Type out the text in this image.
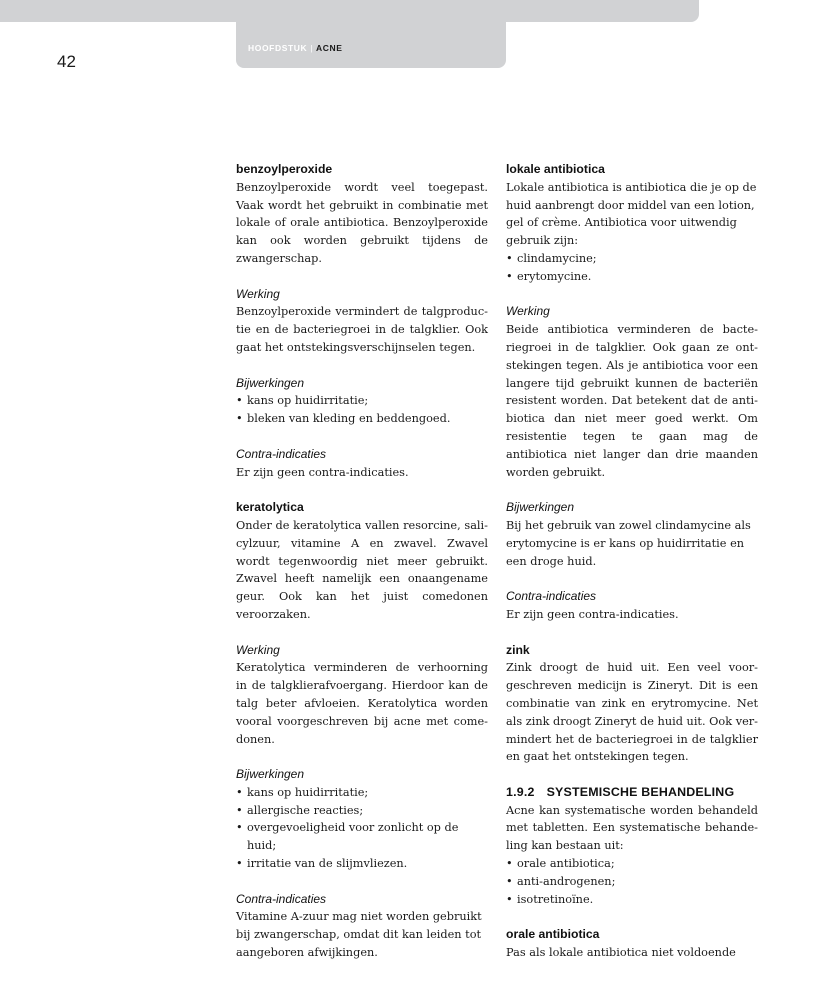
HOOFDSTUK | ACNE
42
benzoylperoxide

Benzoylperoxide wordt veel toegepast. Vaak wordt het gebruikt in combinatie met lokale of orale antibiotica. Benzoylperoxide kan ook worden gebruikt tijdens de zwangerschap.

Werking

Benzoylperoxide vermindert de talgproductie en de bacteriegroei in de talgklier. Ook gaat het ontstekingsverschijnselen tegen.

Bijwerkingen
• kans op huidirritatie;
• bleken van kleding en beddengoed.
Contra-indicaties

Er zijn geen contra-indicaties.

keratolytica

Onder de keratolytica vallen resorcine, salicylzuur, vitamine A en zwavel. Zwavel wordt tegenwoordig niet meer gebruikt. Zwavel heeft namelijk een onaangename geur. Ook kan het juist comedonen veroorzaken.

Werking

Keratolytica verminderen de verhoorning in de talgklierafvoergang. Hierdoor kan de talg beter afvloeien. Keratolytica worden vooral voorgeschreven bij acne met comedonen.

Bijwerkingen
• kans op huidirritatie;
• allergische reacties;
• overgevoeligheid voor zonlicht op de huid;
• irritatie van de slijmvliezen.
Contra-indicaties

Vitamine A-zuur mag niet worden gebruikt bij zwangerschap, omdat dit kan leiden tot aangeboren afwijkingen.

lokale antibiotica

Lokale antibiotica is antibiotica die je op de huid aanbrengt door middel van een lotion, gel of crème. Antibiotica voor uitwendig gebruik zijn:

• clindamycine;
• erytomycine.
Werking

Beide antibiotica verminderen de bacteriegroei in de talgklier. Ook gaan ze ontstekingen tegen. Als je antibiotica voor een langere tijd gebruikt kunnen de bacteriën resistent worden. Dat betekent dat de antibiotica dan niet meer goed werkt. Om resistentie tegen te gaan mag de antibiotica niet langer dan drie maanden worden gebruikt.

Bijwerkingen

Bij het gebruik van zowel clindamycine als erytomycine is er kans op huidirritatie en een droge huid.

Contra-indicaties

Er zijn geen contra-indicaties.

zink

Zink droogt de huid uit. Een veel voorgeschreven medicijn is Zineryt. Dit is een combinatie van zink en erytromycine. Net als zink droogt Zineryt de huid uit. Ook vermindert het de bacteriegroei in de talgklier en gaat het ontstekingen tegen.

1.9.2 SYSTEMISCHE BEHANDELING

Acne kan systematische worden behandeld met tabletten. Een systematische behandeling kan bestaan uit:

• orale antibiotica;
• anti-androgenen;
• isotretinoïne.
orale antibiotica

Pas als lokale antibiotica niet voldoende
